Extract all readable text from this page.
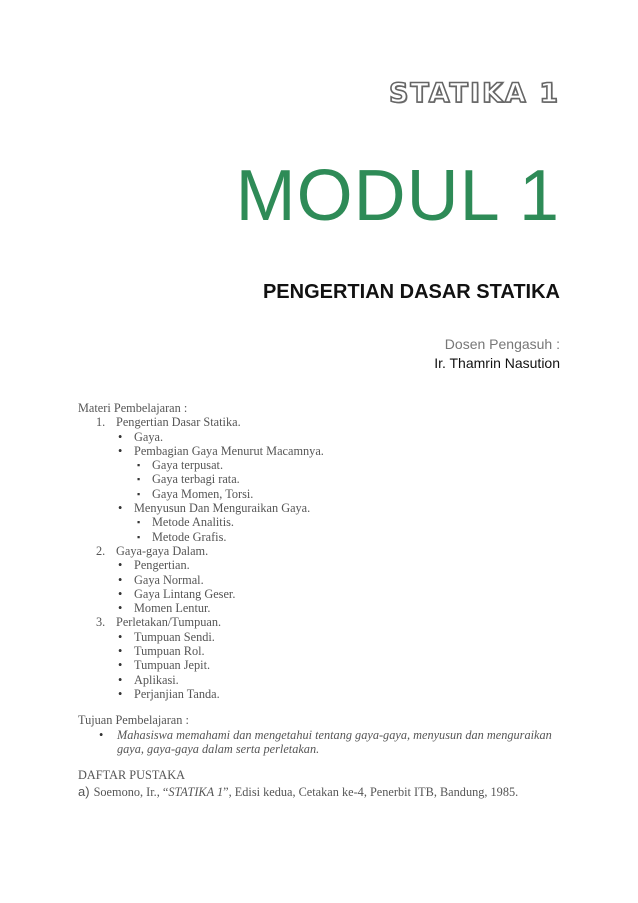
STATIKA 1
MODUL 1
PENGERTIAN DASAR STATIKA
Dosen Pengasuh :
Ir. Thamrin Nasution
Materi Pembelajaran :
1. Pengertian Dasar Statika.
• Gaya.
• Pembagian Gaya Menurut Macamnya.
▪ Gaya terpusat.
▪ Gaya terbagi rata.
▪ Gaya Momen, Torsi.
• Menyusun Dan Menguraikan Gaya.
▪ Metode Analitis.
▪ Metode Grafis.
2. Gaya-gaya Dalam.
• Pengertian.
• Gaya Normal.
• Gaya Lintang Geser.
• Momen Lentur.
3. Perletakan/Tumpuan.
• Tumpuan Sendi.
• Tumpuan Rol.
• Tumpuan Jepit.
• Aplikasi.
• Perjanjian Tanda.
Tujuan Pembelajaran :
• Mahasiswa memahami dan mengetahui tentang gaya-gaya, menyusun dan menguraikan
gaya, gaya-gaya dalam serta perletakan.
DAFTAR PUSTAKA
a) Soemono, Ir., “STATIKA 1”, Edisi kedua, Cetakan ke-4, Penerbit ITB, Bandung, 1985.
